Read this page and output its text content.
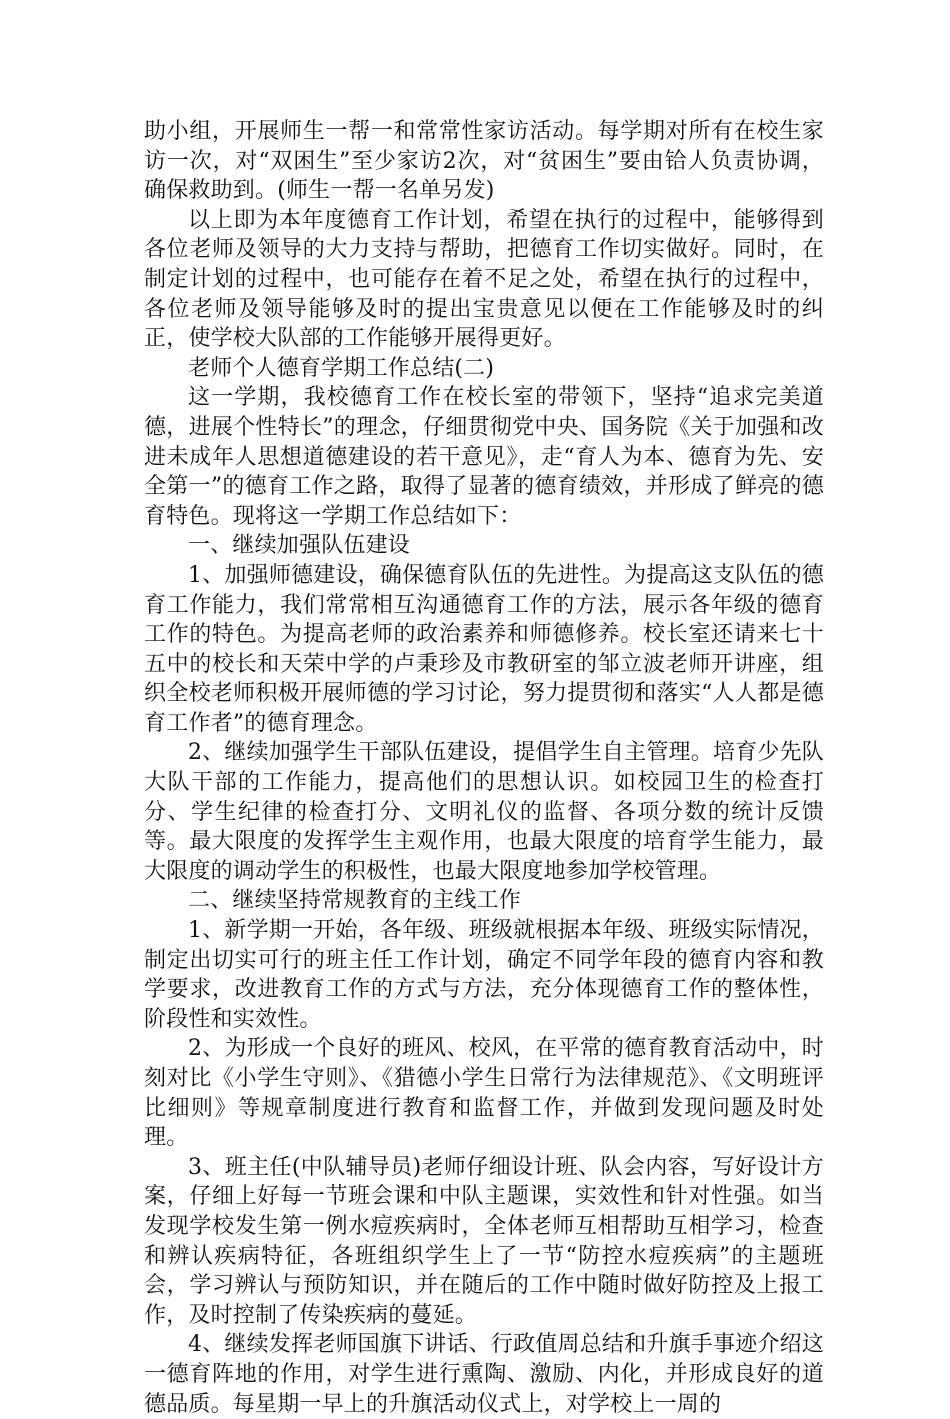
助小组，开展师生一帮一和常常性家访活动。每学期对所有在校生家访一次，对“双困生”至少家访2次，对“贫困生”要由铪人负责协调，确保救助到。(师生一帮一名单另发)

以上即为本年度德育工作计划，希望在执行的过程中，能够得到各位老师及领导的大力支持与帮助，把德育工作切实做好。同时，在制定计划的过程中，也可能存在着不足之处，希望在执行的过程中，各位老师及领导能够及时的提出宝贵意见以便在工作能够及时的纠正，使学校大队部的工作能够开展得更好。

老师个人德育学期工作总结(二)

这一学期，我校德育工作在校长室的带领下，坚持“追求完美道德，进展个性特长”的理念，仔细贯彻党中央、国务院《关于加强和改进未成年人思想道德建设的若干意见》，走“育人为本、德育为先、安全第一”的德育工作之路，取得了显著的德育绩效，并形成了鲜亮的德育特色。现将这一学期工作总结如下：

一、继续加强队伍建设

1、加强师德建设，确保德育队伍的先进性。为提高这支队伍的德育工作能力，我们常常相互沟通德育工作的方法，展示各年级的德育工作的特色。为提高老师的政治素养和师德修养。校长室还请来七十五中的校长和天荣中学的卢秉珍及市教研室的邹立波老师开讲座，组织全校老师积极开展师德的学习讨论，努力提贯彻和落实“人人都是德育工作者”的德育理念。

2、继续加强学生干部队伍建设，提倡学生自主管理。培育少先队大队干部的工作能力，提高他们的思想认识。如校园卫生的检查打分、学生纪律的检查打分、文明礼仪的监督、各项分数的统计反馈等。最大限度的发挥学生主观作用，也最大限度的培育学生能力，最大限度的调动学生的积极性，也最大限度地参加学校管理。

二、继续坚持常规教育的主线工作

1、新学期一开始，各年级、班级就根据本年级、班级实际情况，制定出切实可行的班主任工作计划，确定不同学年段的德育内容和教学要求，改进教育工作的方式与方法，充分体现德育工作的整体性，阶段性和实效性。

2、为形成一个良好的班风、校风，在平常的德育教育活动中，时刻对比《小学生守则》、《猎德小学生日常行为法律规范》、《文明班评比细则》等规章制度进行教育和监督工作，并做到发现问题及时处理。

3、班主任(中队辅导员)老师仔细设计班、队会内容，写好设计方案，仔细上好每一节班会课和中队主题课，实效性和针对性强。如当发现学校发生第一例水痘疾病时，全体老师互相帮助互相学习，检查和辨认疾病特征，各班组织学生上了一节“防控水痘疾病”的主题班会，学习辨认与预防知识，并在随后的工作中随时做好防控及上报工作，及时控制了传染疾病的蔓延。

4、继续发挥老师国旗下讲话、行政值周总结和升旗手事迹介绍这一德育阵地的作用，对学生进行熏陶、激励、内化，并形成良好的道德品质。每星期一早上的升旗活动仪式上，对学校上一周的
